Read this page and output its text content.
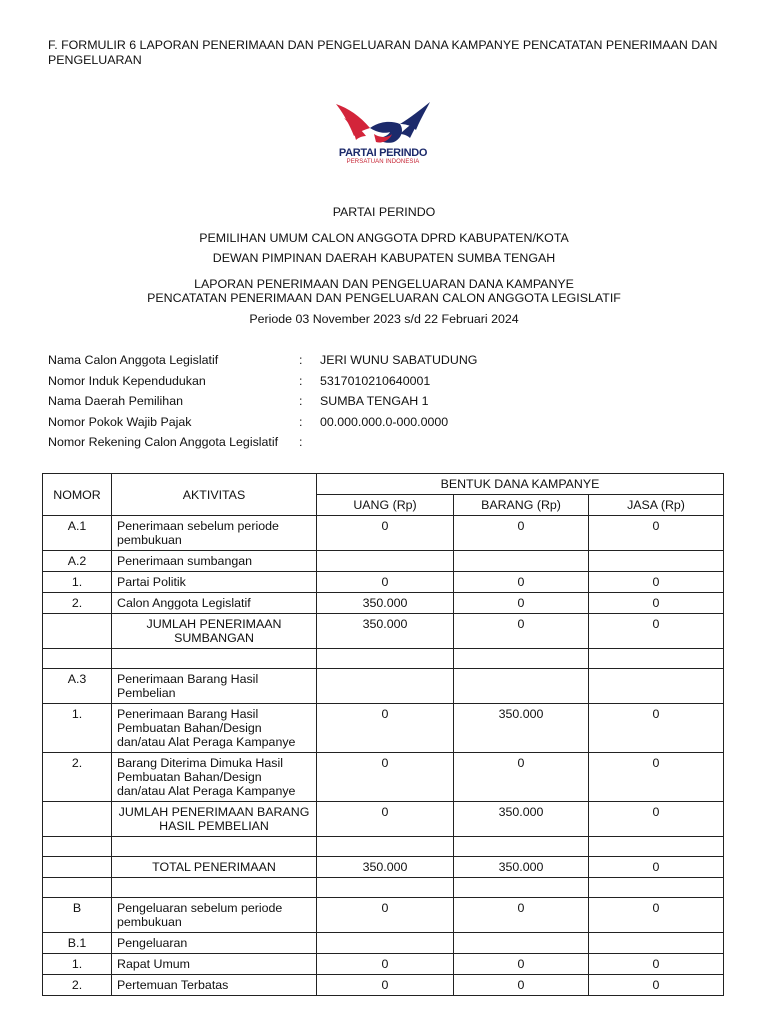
F. FORMULIR 6 LAPORAN PENERIMAAN DAN PENGELUARAN DANA KAMPANYE PENCATATAN PENERIMAAN DAN PENGELUARAN
PARTAI PERINDO
PERSATUAN INDONESIA
PARTAI PERINDO
PEMILIHAN UMUM CALON ANGGOTA DPRD KABUPATEN/KOTA
DEWAN PIMPINAN DAERAH KABUPATEN SUMBA TENGAH
LAPORAN PENERIMAAN DAN PENGELUARAN DANA KAMPANYE
PENCATATAN PENERIMAAN DAN PENGELUARAN CALON ANGGOTA LEGISLATIF
Periode 03 November 2023 s/d 22 Februari 2024
Nama Calon Anggota Legislatif	: JERI WUNU SABATUDUNG
Nomor Induk Kependudukan	: 5317010210640001
Nama Daerah Pemilihan	: SUMBA TENGAH 1
Nomor Pokok Wajib Pajak	: 00.000.000.0-000.0000
Nomor Rekening Calon Anggota Legislatif :
NOMOR	AKTIVITAS	BENTUK DANA KAMPANYE		
		UANG (Rp)	BARANG (Rp)	JASA (Rp)
A.1	Penerimaan sebelum periode pembukuan	0	0	0
A.2	Penerimaan sumbangan			
1.	Partai Politik	0	0	0
2.	Calon Anggota Legislatif	350.000	0	0
	JUMLAH PENERIMAAN SUMBANGAN	350.000	0	0

A.3	Penerimaan Barang Hasil Pembelian			
1.	Penerimaan Barang Hasil Pembuatan Bahan/Design dan/atau Alat Peraga Kampanye	0	350.000	0
2.	Barang Diterima Dimuka Hasil Pembuatan Bahan/Design dan/atau Alat Peraga Kampanye	0	0	0
	JUMLAH PENERIMAAN BARANG HASIL PEMBELIAN	0	350.000	0

	TOTAL PENERIMAAN	350.000	350.000	0

B	Pengeluaran sebelum periode pembukuan	0	0	0
B.1	Pengeluaran			
1.	Rapat Umum	0	0	0
2.	Pertemuan Terbatas	0	0	0
